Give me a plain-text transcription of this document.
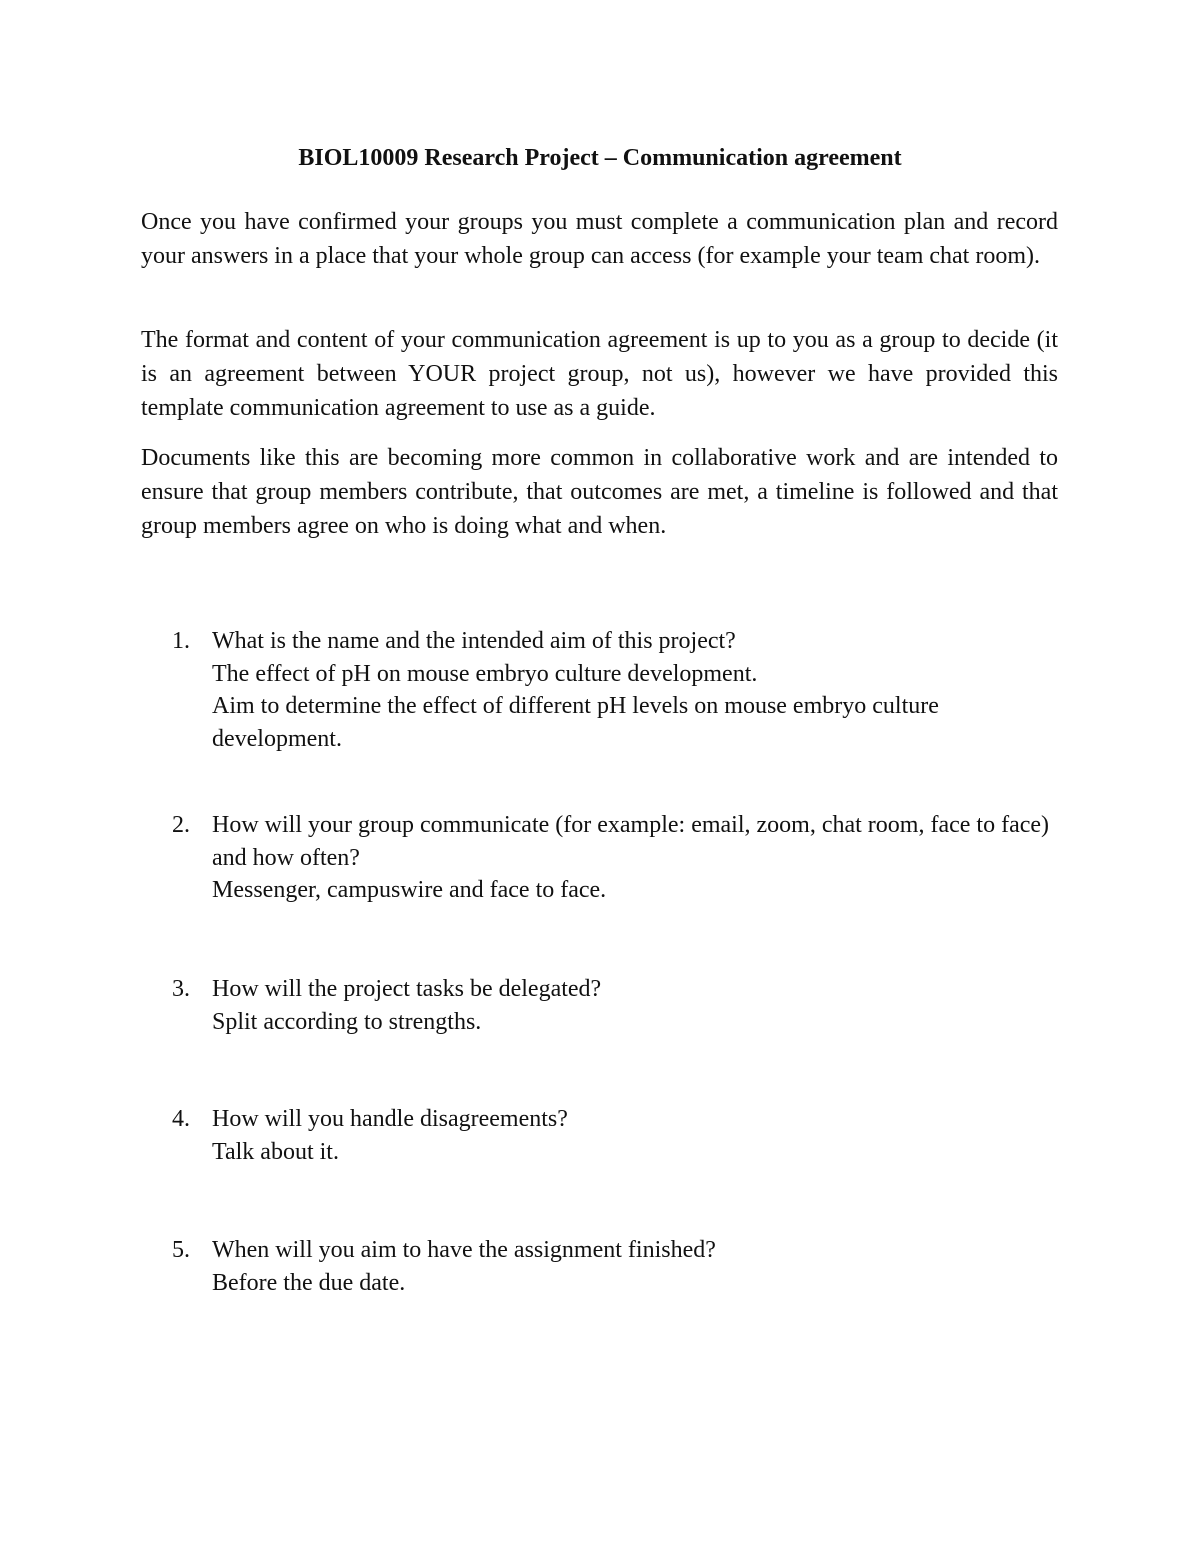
BIOL10009 Research Project – Communication agreement

Once you have confirmed your groups you must complete a communication plan and record your answers in a place that your whole group can access (for example your team chat room).

The format and content of your communication agreement is up to you as a group to decide (it is an agreement between YOUR project group, not us), however we have provided this template communication agreement to use as a guide.

Documents like this are becoming more common in collaborative work and are intended to ensure that group members contribute, that outcomes are met, a timeline is followed and that group members agree on who is doing what and when.

1. What is the name and the intended aim of this project?
The effect of pH on mouse embryo culture development.
Aim to determine the effect of different pH levels on mouse embryo culture development.
2. How will your group communicate (for example: email, zoom, chat room, face to face) and how often?
Messenger, campuswire and face to face.
3. How will the project tasks be delegated?
Split according to strengths.
4. How will you handle disagreements?
Talk about it.
5. When will you aim to have the assignment finished?
Before the due date.
